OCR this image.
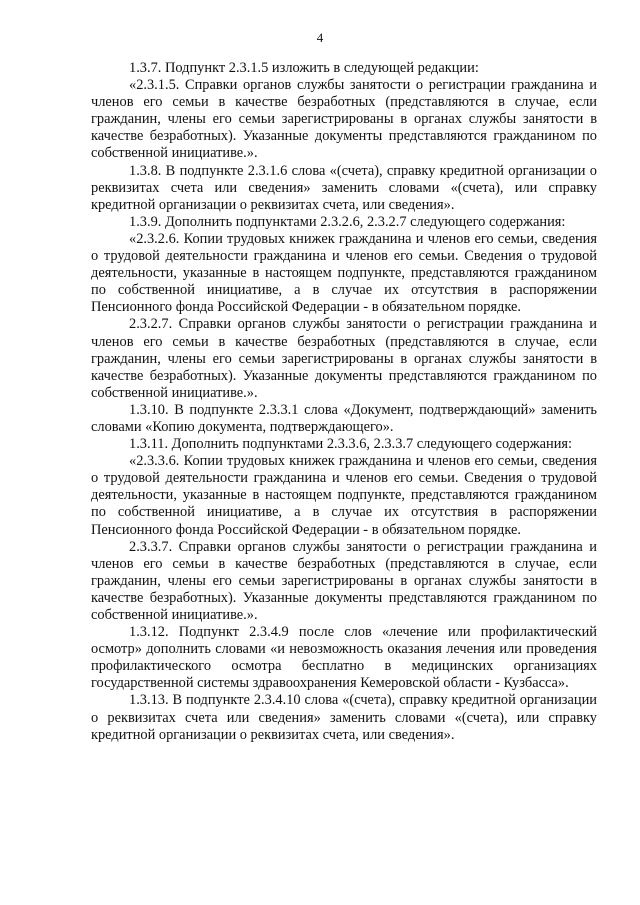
4

1.3.7. Подпункт 2.3.1.5 изложить в следующей редакции:

«2.3.1.5. Справки органов службы занятости о регистрации гражданина и членов его семьи в качестве безработных (представляются в случае, если гражданин, члены его семьи зарегистрированы в органах службы занятости в качестве безработных). Указанные документы представляются гражданином по собственной инициативе.».

1.3.8. В подпункте 2.3.1.6 слова «(счета), справку кредитной организации о реквизитах счета или сведения» заменить словами «(счета), или справку кредитной организации о реквизитах счета, или сведения».

1.3.9. Дополнить подпунктами 2.3.2.6, 2.3.2.7 следующего содержания:

«2.3.2.6. Копии трудовых книжек гражданина и членов его семьи, сведения о трудовой деятельности гражданина и членов его семьи. Сведения о трудовой деятельности, указанные в настоящем подпункте, представляются гражданином по собственной инициативе, а в случае их отсутствия в распоряжении Пенсионного фонда Российской Федерации - в обязательном порядке.

2.3.2.7. Справки органов службы занятости о регистрации гражданина и членов его семьи в качестве безработных (представляются в случае, если гражданин, члены его семьи зарегистрированы в органах службы занятости в качестве безработных). Указанные документы представляются гражданином по собственной инициативе.».

1.3.10. В подпункте 2.3.3.1 слова «Документ, подтверждающий» заменить словами «Копию документа, подтверждающего».

1.3.11. Дополнить подпунктами 2.3.3.6, 2.3.3.7 следующего содержания:

«2.3.3.6. Копии трудовых книжек гражданина и членов его семьи, сведения о трудовой деятельности гражданина и членов его семьи. Сведения о трудовой деятельности, указанные в настоящем подпункте, представляются гражданином по собственной инициативе, а в случае их отсутствия в распоряжении Пенсионного фонда Российской Федерации - в обязательном порядке.

2.3.3.7. Справки органов службы занятости о регистрации гражданина и членов его семьи в качестве безработных (представляются в случае, если гражданин, члены его семьи зарегистрированы в органах службы занятости в качестве безработных). Указанные документы представляются гражданином по собственной инициативе.».

1.3.12. Подпункт 2.3.4.9 после слов «лечение или профилактический осмотр» дополнить словами «и невозможность оказания лечения или проведения профилактического осмотра бесплатно в медицинских организациях государственной системы здравоохранения Кемеровской области - Кузбасса».

1.3.13. В подпункте 2.3.4.10 слова «(счета), справку кредитной организации о реквизитах счета или сведения» заменить словами «(счета), или справку кредитной организации о реквизитах счета, или сведения».
